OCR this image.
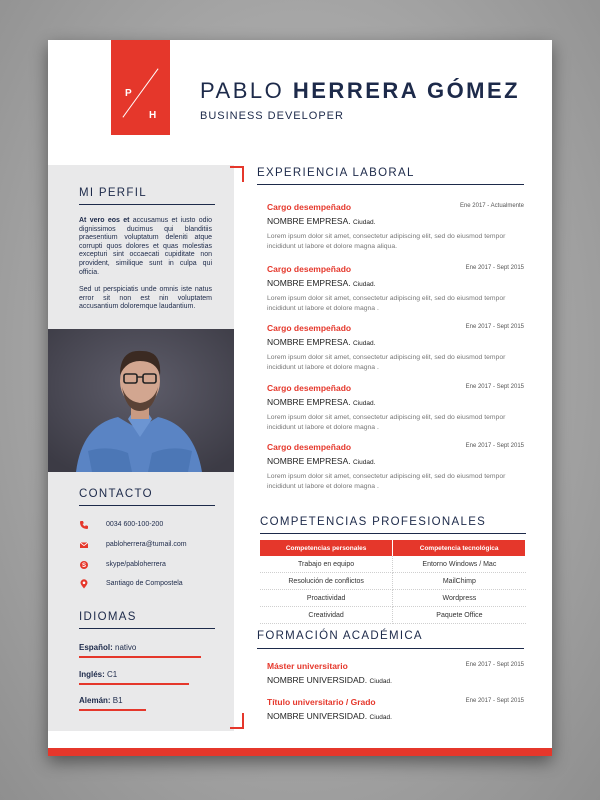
P
H
PABLO HERRERA GÓMEZ
BUSINESS DEVELOPER
MI PERFIL
At vero eos et accusamus et iusto odio dignissimos ducimus qui blanditiis praesentium voluptatum deleniti atque corrupti quos dolores et quas molestias excepturi sint occaecati cupiditate non provident, similique sunt in culpa qui officia.
Sed ut perspiciatis unde omnis iste natus error sit non est nin voluptatem accusantium doloremque laudantium.
CONTACTO
0034 600-100-200
pabloherrera@tumail.com
S	skype/pabloherrera
Santiago de Compostela
IDIOMAS
Español: nativo
Inglés: C1
Alemán: B1
EXPERIENCIA LABORAL
Cargo desempeñado	Ene 2017 - Actualmente
NOMBRE EMPRESA. Ciudad.
Lorem ipsum dolor sit amet, consectetur adipiscing elit, sed do eiusmod tempor incididunt ut labore et dolore magna aliqua.
Cargo desempeñado	Ene 2017 - Sept 2015
NOMBRE EMPRESA. Ciudad.
Lorem ipsum dolor sit amet, consectetur adipiscing elit, sed do eiusmod tempor incididunt ut labore et dolore magna .
Cargo desempeñado	Ene 2017 - Sept 2015
NOMBRE EMPRESA. Ciudad.
Lorem ipsum dolor sit amet, consectetur adipiscing elit, sed do eiusmod tempor incididunt ut labore et dolore magna .
Cargo desempeñado	Ene 2017 - Sept 2015
NOMBRE EMPRESA. Ciudad.
Lorem ipsum dolor sit amet, consectetur adipiscing elit, sed do eiusmod tempor incididunt ut labore et dolore magna .
Cargo desempeñado	Ene 2017 - Sept 2015
NOMBRE EMPRESA. Ciudad.
Lorem ipsum dolor sit amet, consectetur adipiscing elit, sed do eiusmod tempor incididunt ut labore et dolore magna .
COMPETENCIAS PROFESIONALES
Competencias personales	Competencia tecnológica
Trabajo en equipo	Entorno Windows / Mac
Resolución de conflictos	MailChimp
Proactividad	Wordpress
Creatividad	Paquete Office
FORMACIÓN ACADÉMICA
Máster universitario	Ene 2017 - Sept 2015
NOMBRE UNIVERSIDAD. Ciudad.
Título universitario / Grado	Ene 2017 - Sept 2015
NOMBRE UNIVERSIDAD. Ciudad.
